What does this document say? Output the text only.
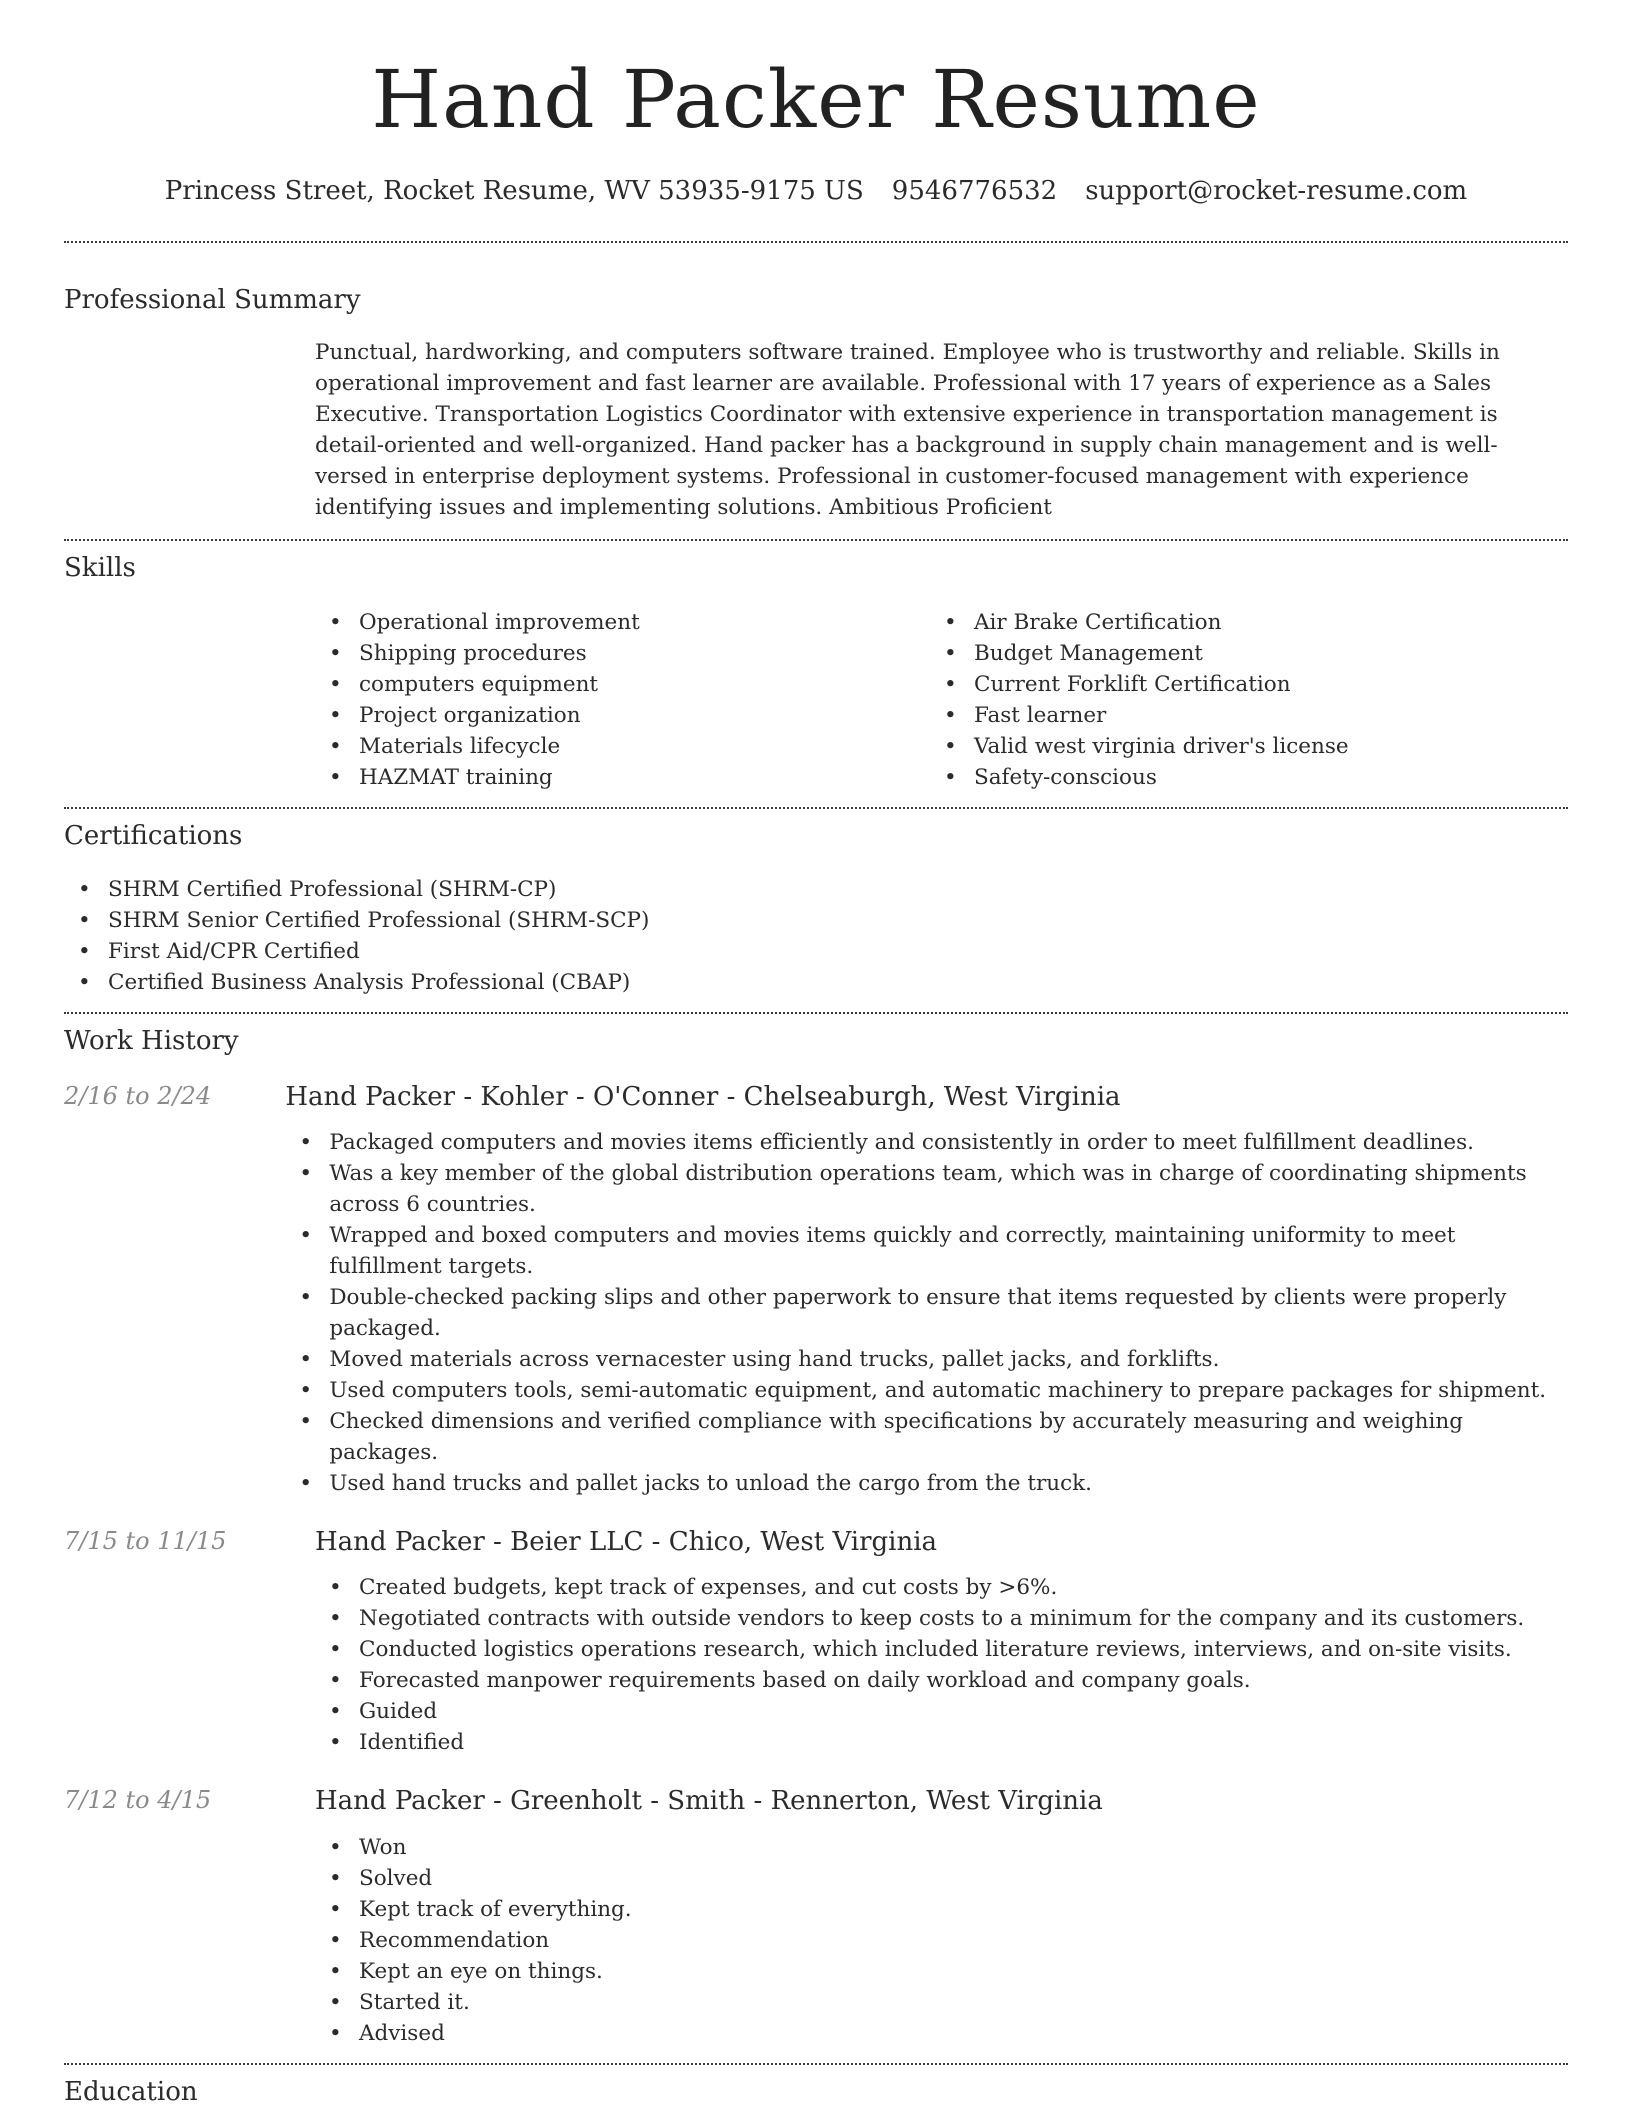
Hand Packer Resume
Princess Street, Rocket Resume, WV 53935-9175 US 9546776532 support@rocket-resume.com
Professional Summary
Punctual, hardworking, and computers software trained. Employee who is trustworthy and reliable. Skills in operational improvement and fast learner are available. Professional with 17 years of experience as a Sales Executive. Transportation Logistics Coordinator with extensive experience in transportation management is detail-oriented and well-organized. Hand packer has a background in supply chain management and is well-versed in enterprise deployment systems. Professional in customer-focused management with experience identifying issues and implementing solutions. Ambitious Proficient
Skills
• Operational improvement
• Shipping procedures
• computers equipment
• Project organization
• Materials lifecycle
• HAZMAT training
• Air Brake Certification
• Budget Management
• Current Forklift Certification
• Fast learner
• Valid west virginia driver's license
• Safety-conscious
Certifications
• SHRM Certified Professional (SHRM-CP)
• SHRM Senior Certified Professional (SHRM-SCP)
• First Aid/CPR Certified
• Certified Business Analysis Professional (CBAP)
Work History
2/16 to 2/24	Hand Packer - Kohler - O'Conner - Chelseaburgh, West Virginia
• Packaged computers and movies items efficiently and consistently in order to meet fulfillment deadlines.
• Was a key member of the global distribution operations team, which was in charge of coordinating shipments across 6 countries.
• Wrapped and boxed computers and movies items quickly and correctly, maintaining uniformity to meet fulfillment targets.
• Double-checked packing slips and other paperwork to ensure that items requested by clients were properly packaged.
• Moved materials across vernacester using hand trucks, pallet jacks, and forklifts.
• Used computers tools, semi-automatic equipment, and automatic machinery to prepare packages for shipment.
• Checked dimensions and verified compliance with specifications by accurately measuring and weighing packages.
• Used hand trucks and pallet jacks to unload the cargo from the truck.
7/15 to 11/15	Hand Packer - Beier LLC - Chico, West Virginia
• Created budgets, kept track of expenses, and cut costs by >6%.
• Negotiated contracts with outside vendors to keep costs to a minimum for the company and its customers.
• Conducted logistics operations research, which included literature reviews, interviews, and on-site visits.
• Forecasted manpower requirements based on daily workload and company goals.
• Guided
• Identified
7/12 to 4/15	Hand Packer - Greenholt - Smith - Rennerton, West Virginia
• Won
• Solved
• Kept track of everything.
• Recommendation
• Kept an eye on things.
• Started it.
• Advised
Education
